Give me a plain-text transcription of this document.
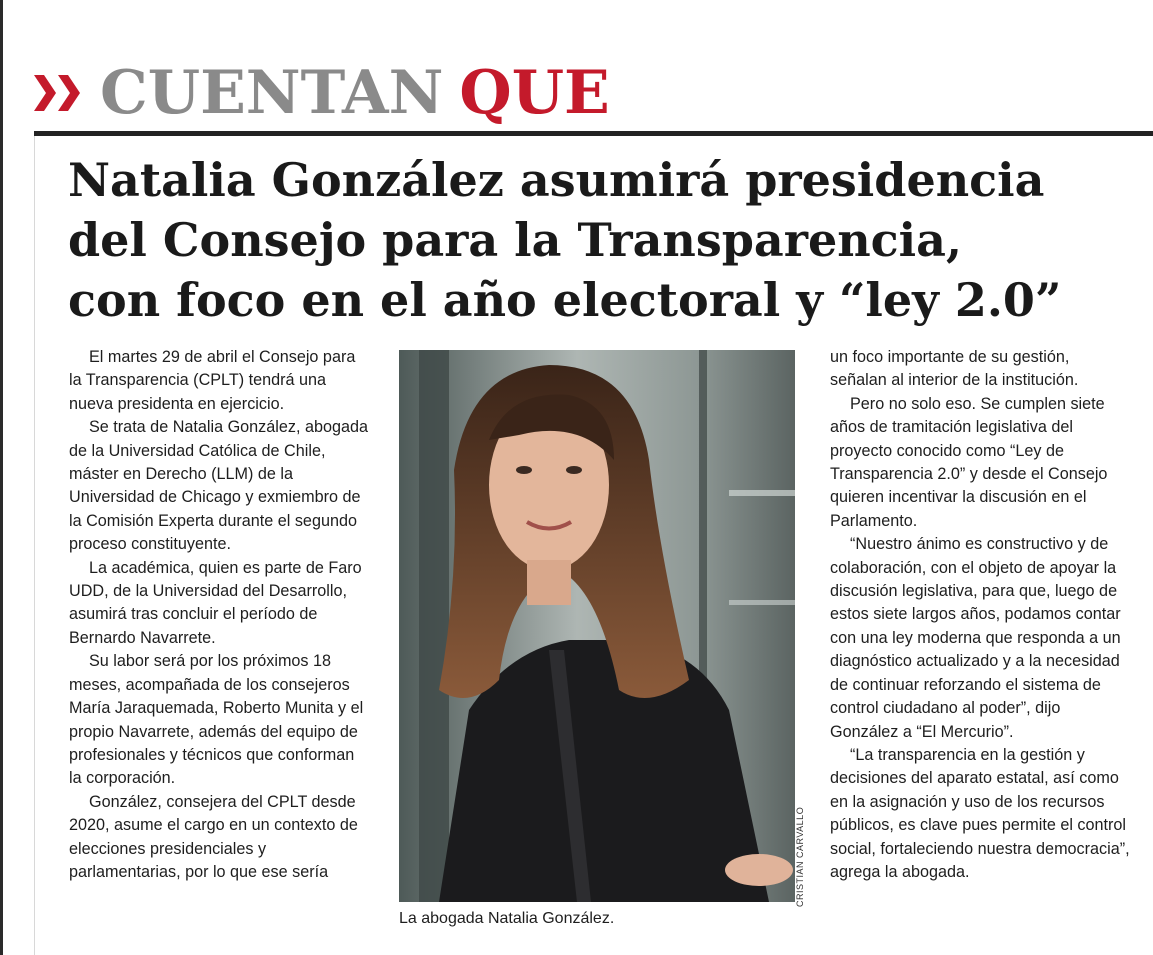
CUENTAN QUE
Natalia González asumirá presidencia
del Consejo para la Transparencia,
con foco en el año electoral y “ley 2.0”

El martes 29 de abril el Consejo para la Transparencia (CPLT) tendrá una nueva presidenta en ejercicio.

Se trata de Natalia González, abogada de la Universidad Católica de Chile, máster en Derecho (LLM) de la Universidad de Chicago y exmiembro de la Comisión Experta durante el segundo proceso constituyente.

La académica, quien es parte de Faro UDD, de la Universidad del Desarrollo, asumirá tras concluir el período de Bernardo Navarrete.

Su labor será por los próximos 18 meses, acompañada de los consejeros María Jaraquemada, Roberto Munita y el propio Navarrete, además del equipo de profesionales y técnicos que conforman la corporación.

González, consejera del CPLT desde 2020, asume el cargo en un contexto de elecciones presidenciales y parlamentarias, por lo que ese sería	CRISTIAN CARVALLO
La abogada Natalia González.

un foco importante de su gestión, señalan al interior de la institución.

Pero no solo eso. Se cumplen siete años de tramitación legislativa del proyecto conocido como “Ley de Transparencia 2.0” y desde el Consejo quieren incentivar la discusión en el Parlamento.

“Nuestro ánimo es constructivo y de colaboración, con el objeto de apoyar la discusión legislativa, para que, luego de estos siete largos años, podamos contar con una ley moderna que responda a un diagnóstico actualizado y a la necesidad de continuar reforzando el sistema de control ciudadano al poder”, dijo González a “El Mercurio”.

“La transparencia en la gestión y decisiones del aparato estatal, así como en la asignación y uso de los recursos públicos, es clave pues permite el control social, fortaleciendo nuestra democracia”, agrega la abogada.
